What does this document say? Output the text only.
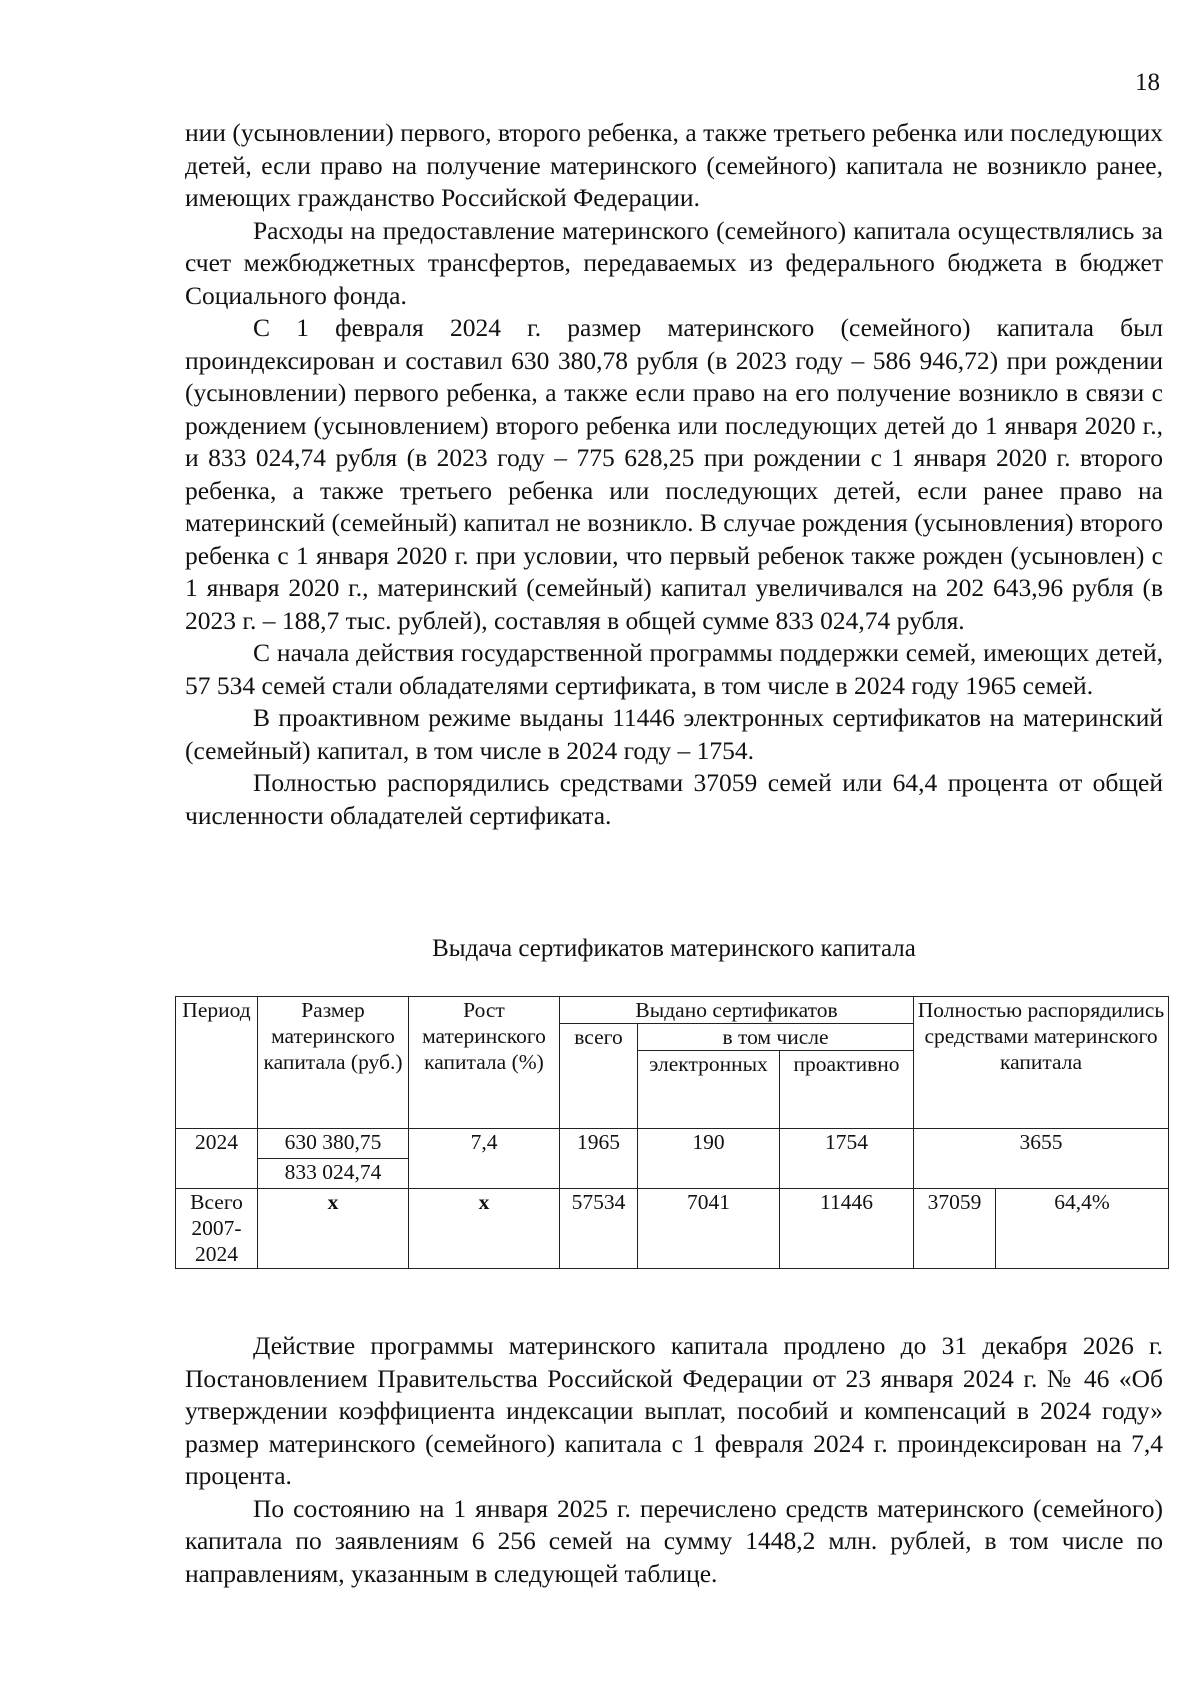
18

нии (усыновлении) первого, второго ребенка, а также третьего ребенка или последующих детей, если право на получение материнского (семейного) капитала не возникло ранее, имеющих гражданство Российской Федерации.

Расходы на предоставление материнского (семейного) капитала осуществлялись за счет межбюджетных трансфертов, передаваемых из федерального бюджета в бюджет Социального фонда.

С 1 февраля 2024 г. размер материнского (семейного) капитала был проиндексирован и составил 630 380,78 рубля (в 2023 году – 586 946,72) при рождении (усыновлении) первого ребенка, а также если право на его получение возникло в связи с рождением (усыновлением) второго ребенка или последующих детей до 1 января 2020 г., и 833 024,74 рубля (в 2023 году – 775 628,25 при рождении с 1 января 2020 г. второго ребенка, а также третьего ребенка или последующих детей, если ранее право на материнский (семейный) капитал не возникло. В случае рождения (усыновления) второго ребенка с 1 января 2020 г. при условии, что первый ребенок также рожден (усыновлен) с 1 января 2020 г., материнский (семейный) капитал увеличивался на 202 643,96 рубля (в 2023 г. – 188,7 тыс. рублей), составляя в общей сумме 833 024,74 рубля.

С начала действия государственной программы поддержки семей, имеющих детей, 57 534 семей стали обладателями сертификата, в том числе в 2024 году 1965 семей.

В проактивном режиме выданы 11446 электронных сертификатов на материнский (семейный) капитал, в том числе в 2024 году – 1754.

Полностью распорядились средствами 37059 семей или 64,4 процента от общей численности обладателей сертификата.

Выдача сертификатов материнского капитала
Период	Размер материнского капитала (руб.)	Рост материнского капитала (%)	Выдано сертификатов			Полностью распорядились средствами материнского капитала	
			всего	в том числе			
				электронных	проактивно		
2024	630 380,75	7,4	1965	190	1754	3655	
	833 024,74						
Всего 2007-2024	х	х	57534	7041	11446	37059	64,4%

Действие программы материнского капитала продлено до 31 декабря 2026 г. Постановлением Правительства Российской Федерации от 23 января 2024 г. № 46 «Об утверждении коэффициента индексации выплат, пособий и компенсаций в 2024 году» размер материнского (семейного) капитала с 1 февраля 2024 г. проиндексирован на 7,4 процента.

По состоянию на 1 января 2025 г. перечислено средств материнского (семейного) капитала по заявлениям 6 256 семей на сумму 1448,2 млн. рублей, в том числе по направлениям, указанным в следующей таблице.
